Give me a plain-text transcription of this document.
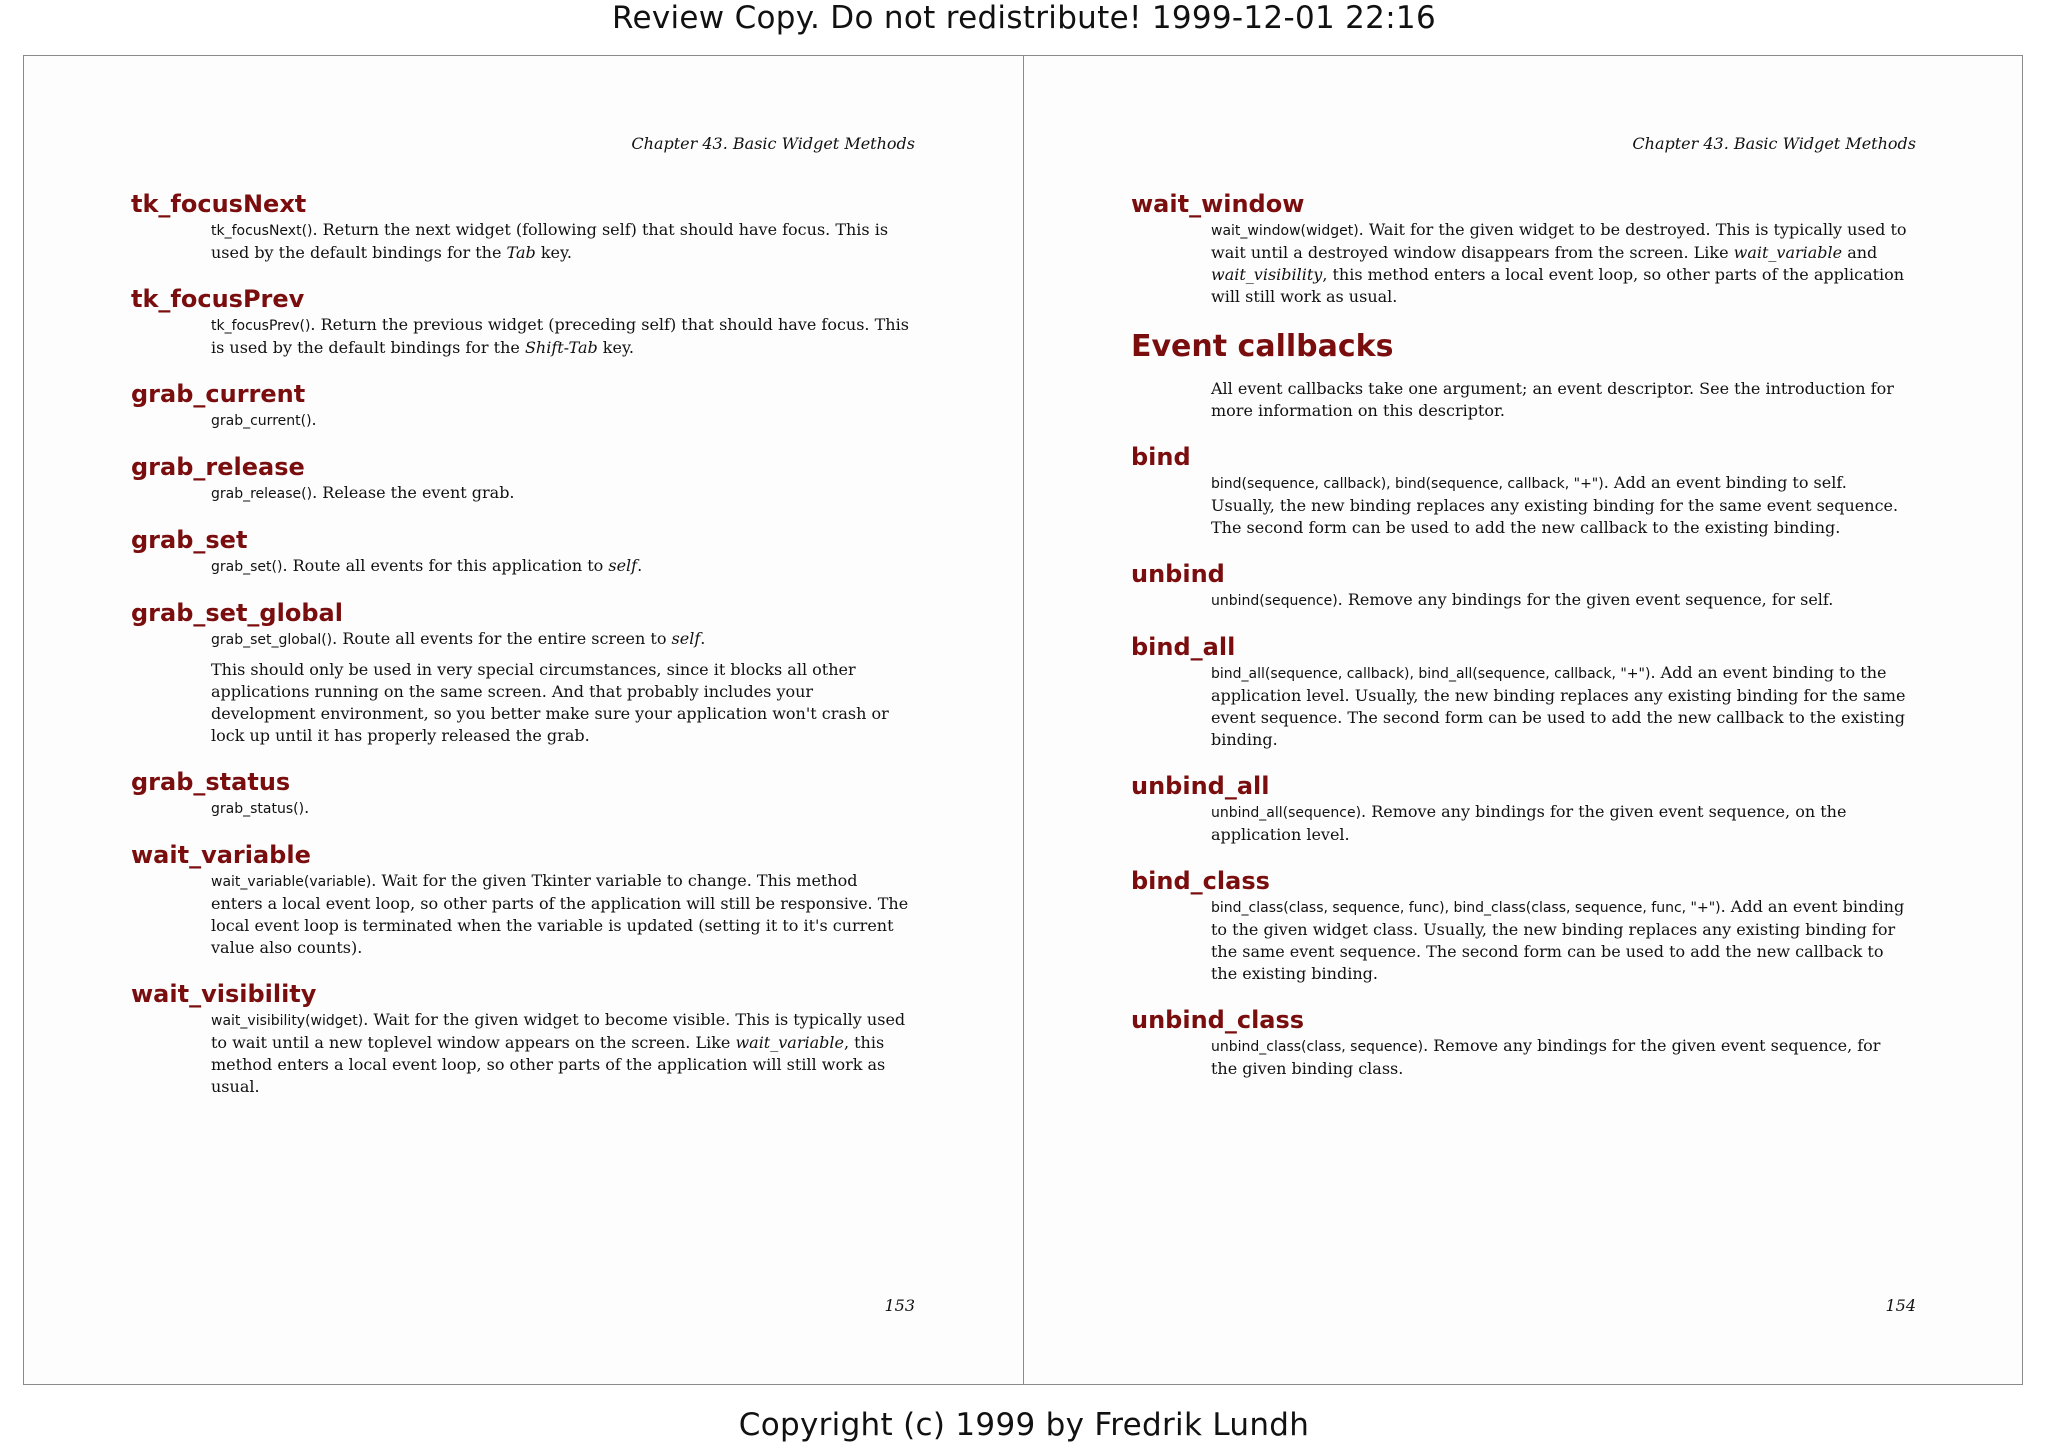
Review Copy. Do not redistribute! 1999-12-01 22:16
Chapter 43. Basic Widget Methods
tk_focusNext

tk_focusNext(). Return the next widget (following self) that should have focus. This is used by the default bindings for the Tab key.

tk_focusPrev

tk_focusPrev(). Return the previous widget (preceding self) that should have focus. This is used by the default bindings for the Shift-Tab key.

grab_current

grab_current().

grab_release

grab_release(). Release the event grab.

grab_set

grab_set(). Route all events for this application to self.

grab_set_global

grab_set_global(). Route all events for the entire screen to self.

This should only be used in very special circumstances, since it blocks all other applications running on the same screen. And that probably includes your development environment, so you better make sure your application won't crash or lock up until it has properly released the grab.

grab_status

grab_status().

wait_variable

wait_variable(variable). Wait for the given Tkinter variable to change. This method enters a local event loop, so other parts of the application will still be responsive. The local event loop is terminated when the variable is updated (setting it to it's current value also counts).

wait_visibility

wait_visibility(widget). Wait for the given widget to become visible. This is typically used to wait until a new toplevel window appears on the screen. Like wait_variable, this method enters a local event loop, so other parts of the application will still work as usual.

153
Chapter 43. Basic Widget Methods
wait_window

wait_window(widget). Wait for the given widget to be destroyed. This is typically used to wait until a destroyed window disappears from the screen. Like wait_variable and wait_visibility, this method enters a local event loop, so other parts of the application will still work as usual.

Event callbacks

All event callbacks take one argument; an event descriptor. See the introduction for more information on this descriptor.

bind

bind(sequence, callback), bind(sequence, callback, "+"). Add an event binding to self. Usually, the new binding replaces any existing binding for the same event sequence. The second form can be used to add the new callback to the existing binding.

unbind

unbind(sequence). Remove any bindings for the given event sequence, for self.

bind_all

bind_all(sequence, callback), bind_all(sequence, callback, "+"). Add an event binding to the application level. Usually, the new binding replaces any existing binding for the same event sequence. The second form can be used to add the new callback to the existing binding.

unbind_all

unbind_all(sequence). Remove any bindings for the given event sequence, on the application level.

bind_class

bind_class(class, sequence, func), bind_class(class, sequence, func, "+"). Add an event binding to the given widget class. Usually, the new binding replaces any existing binding for the same event sequence. The second form can be used to add the new callback to the existing binding.

unbind_class

unbind_class(class, sequence). Remove any bindings for the given event sequence, for the given binding class.

154
Copyright (c) 1999 by Fredrik Lundh
